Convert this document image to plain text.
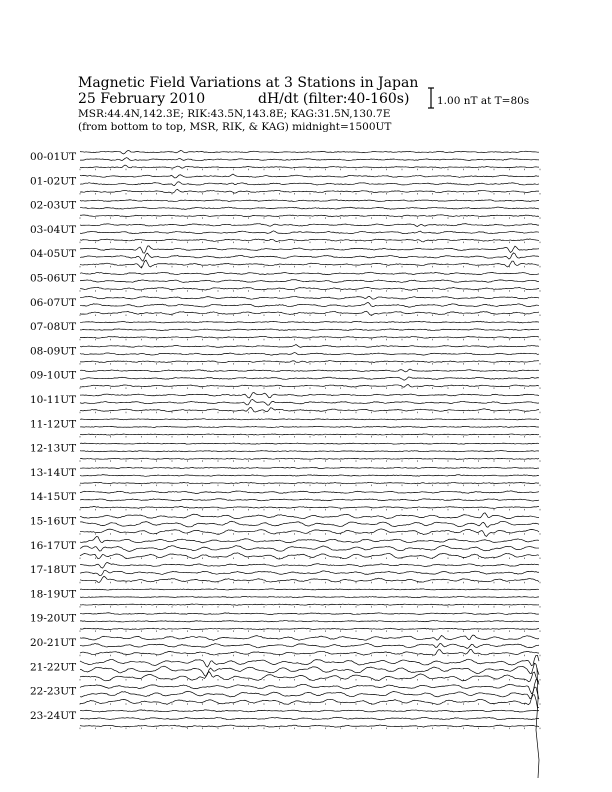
Magnetic Field Variations at 3 Stations in Japan
25 February 2010	dH/dt (filter:40-160s)
MSR:44.4N,142.3E; RIK:43.5N,143.8E; KAG:31.5N,130.7E
(from bottom to top, MSR, RIK, & KAG) midnight=1500UT
1.00 nT at T=80s
00-01UT
01-02UT
02-03UT
03-04UT
04-05UT
05-06UT
06-07UT
07-08UT
08-09UT
09-10UT
10-11UT
11-12UT
12-13UT
13-14UT
14-15UT
15-16UT
16-17UT
17-18UT
18-19UT
19-20UT
20-21UT
21-22UT
22-23UT
23-24UT
